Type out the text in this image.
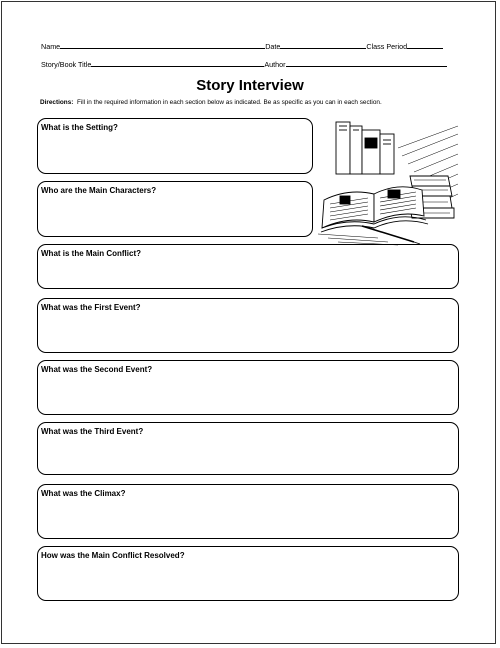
Name	Date	Class Period
Story/Book Title	Author
Story Interview
Directions: Fill in the required information in each section below as indicated. Be as specific as you can in each section.
What is the Setting?
Who are the Main Characters?
What is the Main Conflict?
What was the First Event?
What was the Second Event?
What was the Third Event?
What was the Climax?
How was the Main Conflict Resolved?
